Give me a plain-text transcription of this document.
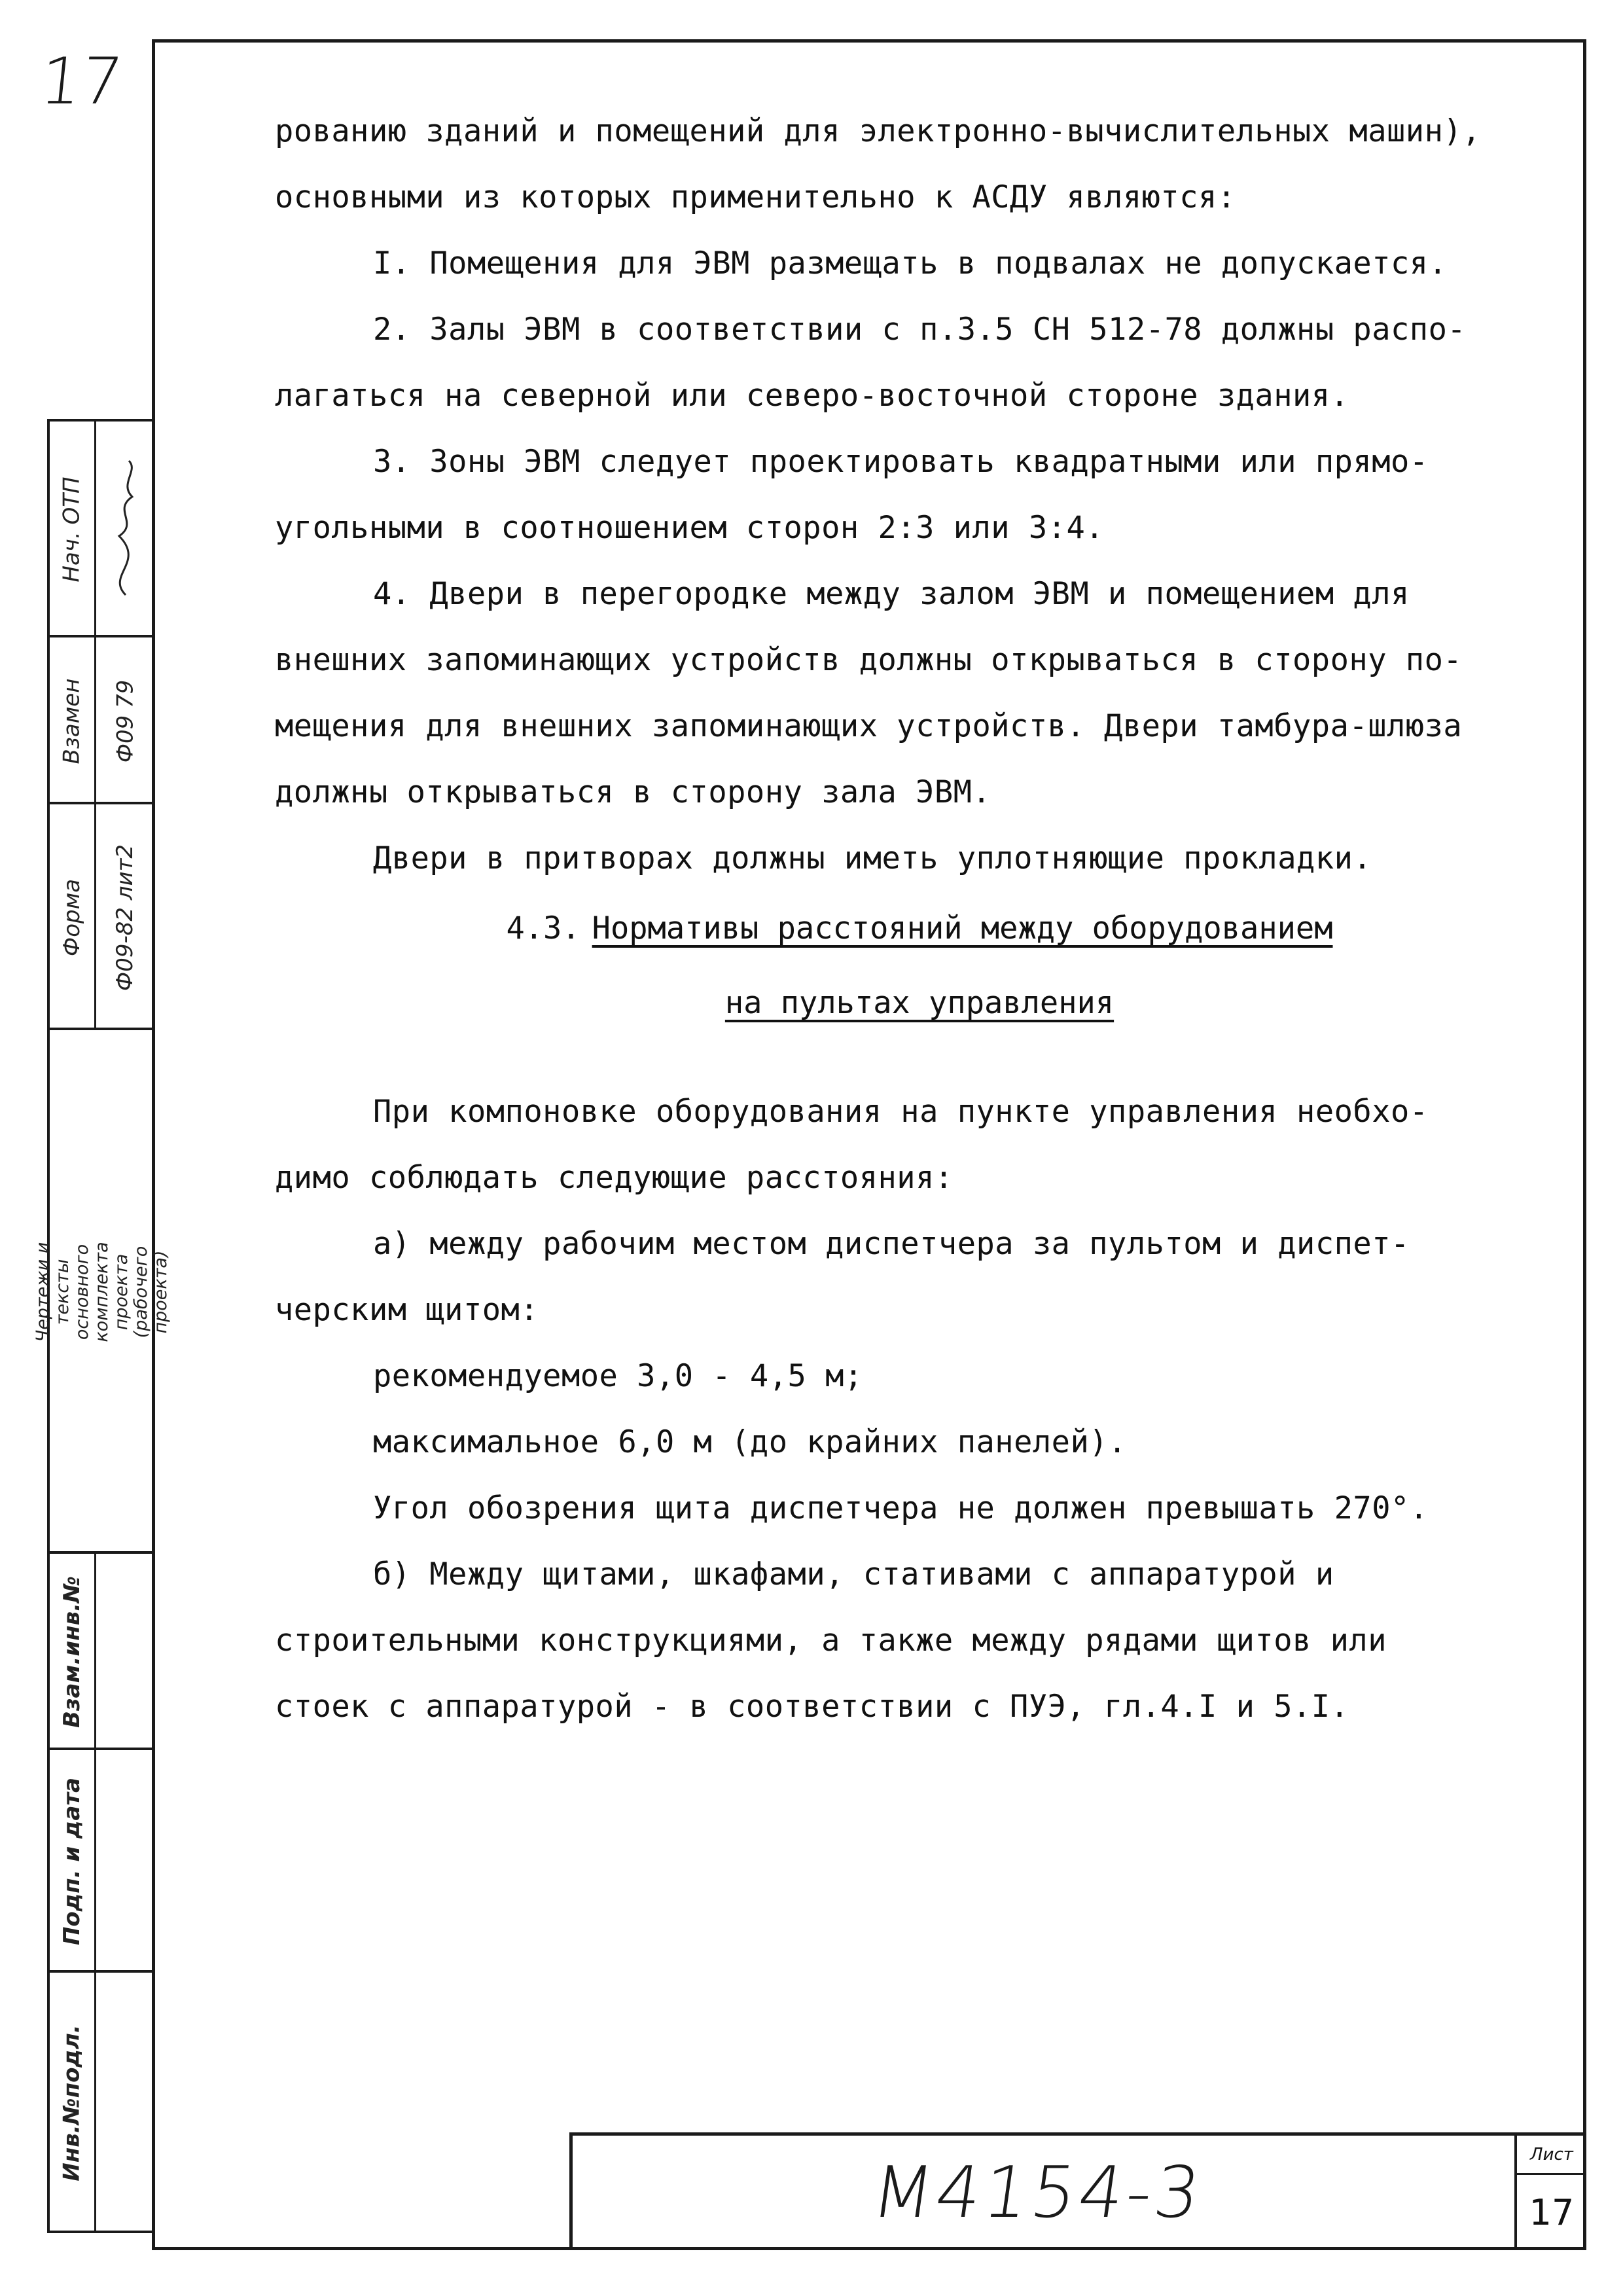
17
Нач. ОТП
Взамен Ф09 79
Форма Ф09-82 лит2
Чертежи и тексты основного комплекта проекта (рабочего проекта)
Взам.инв.№
Подп. и дата
Инв.№подл.
рованию зданий и помещений для электронно-вычислительных машин),
основными из которых применительно к АСДУ являются:
I. Помещения для ЭВМ размещать в подвалах не допускается.
2. Залы ЭВМ в соответствии с п.3.5 СН 512-78 должны распо-
лагаться на северной или северо-восточной стороне здания.
3. Зоны ЭВМ следует проектировать квадратными или прямо-
угольными в соотношением сторон 2:3 или 3:4.
4. Двери в перегородке между залом ЭВМ и помещением для
внешних запоминающих устройств должны открываться в сторону по-
мещения для внешних запоминающих устройств. Двери тамбура-шлюза
должны открываться в сторону зала ЭВМ.
Двери в притворах должны иметь уплотняющие прокладки.
4.3. Нормативы расстояний между оборудованием
на пультах управления
При компоновке оборудования на пункте управления необхо-
димо соблюдать следующие расстояния:
а) между рабочим местом диспетчера за пультом и диспет-
черским щитом:
рекомендуемое 3,0 - 4,5 м;
максимальное 6,0 м (до крайних панелей).
Угол обозрения щита диспетчера не должен превышать 270°.
б) Между щитами, шкафами, стативами с аппаратурой и
строительными конструкциями, а также между рядами щитов или
стоек с аппаратурой - в соответствии с ПУЭ, гл.4.I и 5.I.
М4154-3	Лист
17
